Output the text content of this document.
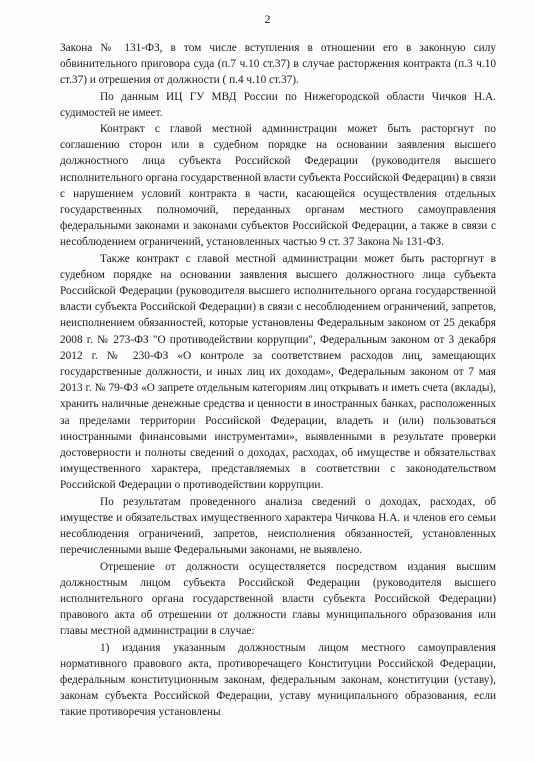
2

Закона № 131-ФЗ, в том числе вступления в отношении его в законную силу обвинительного приговора суда (п.7 ч.10 ст.37) в случае расторжения контракта (п.3 ч.10 ст.37) и отрешения от должности ( п.4 ч.10 ст.37).

По данным ИЦ ГУ МВД России по Нижегородской области Чичков Н.А. судимостей не имеет.

Контракт с главой местной администрации может быть расторгнут по соглашению сторон или в судебном порядке на основании заявления высшего должностного лица субъекта Российской Федерации (руководителя высшего исполнительного органа государственной власти субъекта Российской Федерации) в связи с нарушением условий контракта в части, касающейся осуществления отдельных государственных полномочий, переданных органам местного самоуправления федеральными законами и законами субъектов Российской Федерации, а также в связи с несоблюдением ограничений, установленных частью 9 ст. 37 Закона № 131-ФЗ.

Также контракт с главой местной администрации может быть расторгнут в судебном порядке на основании заявления высшего должностного лица субъекта Российской Федерации (руководителя высшего исполнительного органа государственной власти субъекта Российской Федерации) в связи с несоблюдением ограничений, запретов, неисполнением обязанностей, которые установлены Федеральным законом от 25 декабря 2008 г. № 273-ФЗ "О противодействии коррупции", Федеральным законом от 3 декабря 2012 г. № 230-ФЗ «О контроле за соответствием расходов лиц, замещающих государственные должности, и иных лиц их доходам», Федеральным законом от 7 мая 2013 г. № 79-ФЗ «О запрете отдельным категориям лиц открывать и иметь счета (вклады), хранить наличные денежные средства и ценности в иностранных банках, расположенных за пределами территории Российской Федерации, владеть и (или) пользоваться иностранными финансовыми инструментами», выявленными в результате проверки достоверности и полноты сведений о доходах, расходах, об имуществе и обязательствах имущественного характера, представляемых в соответствии с законодательством Российской Федерации о противодействии коррупции.

По результатам проведенного анализа сведений о доходах, расходах, об имуществе и обязательствах имущественного характера Чичкова Н.А. и членов его семьи несоблюдения ограничений, запретов, неисполнения обязанностей, установленных перечисленными выше Федеральными законами, не выявлено.

Отрешение от должности осуществляется посредством издания высшим должностным лицом субъекта Российской Федерации (руководителя высшего исполнительного органа государственной власти субъекта Российской Федерации) правового акта об отрешении от должности главы муниципального образования или главы местной администрации в случае:

1) издания указанным должностным лицом местного самоуправления нормативного правового акта, противоречащего Конституции Российской Федерации, федеральным конституционным законам, федеральным законам, конституции (уставу), законам субъекта Российской Федерации, уставу муниципального образования, если такие противоречия установлены
